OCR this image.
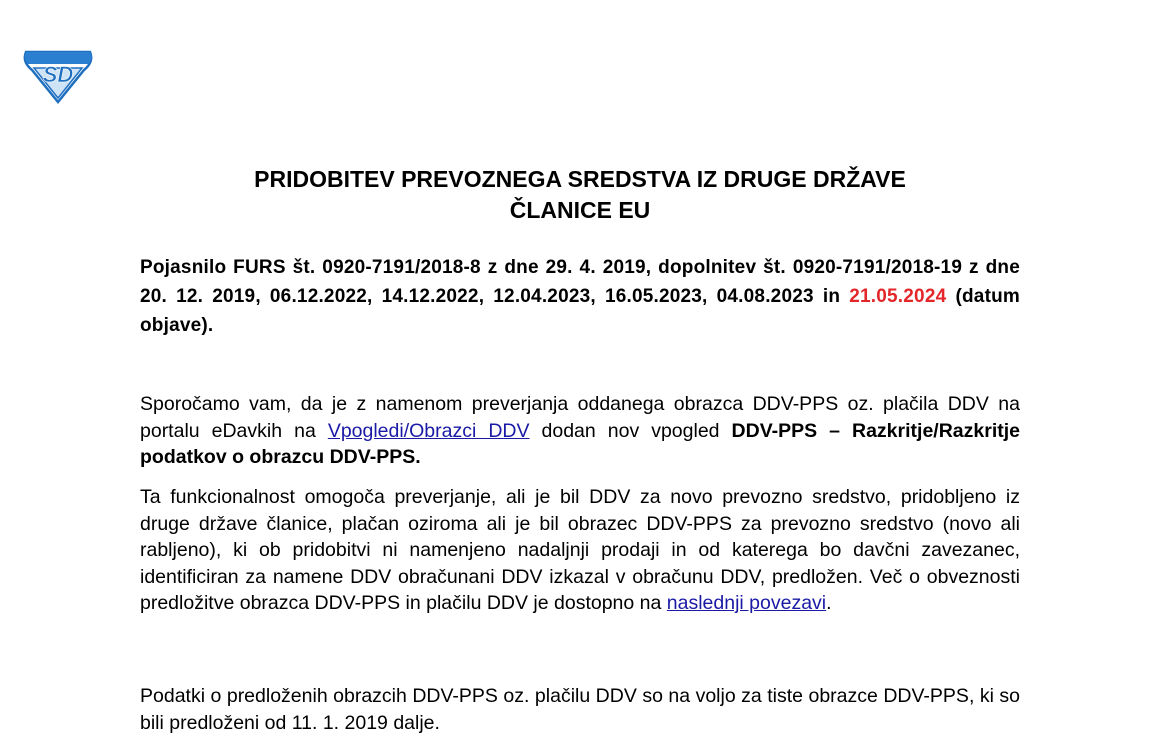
SD
PRIDOBITEV PREVOZNEGA SREDSTVA IZ DRUGE DRŽAVE
ČLANICE EU

Pojasnilo FURS št. 0920-7191/2018-8 z dne 29. 4. 2019, dopolnitev št. 0920-7191/2018-19 z dne 20. 12. 2019, 06.12.2022, 14.12.2022, 12.04.2023, 16.05.2023, 04.08.2023 in 21.05.2024 (datum objave).

Sporočamo vam, da je z namenom preverjanja oddanega obrazca DDV-PPS oz. plačila DDV na portalu eDavkih na Vpogledi/Obrazci DDV dodan nov vpogled DDV-PPS – Razkritje/Razkritje podatkov o obrazcu DDV-PPS.

Ta funkcionalnost omogoča preverjanje, ali je bil DDV za novo prevozno sredstvo, pridobljeno iz druge države članice, plačan oziroma ali je bil obrazec DDV-PPS za prevozno sredstvo (novo ali rabljeno), ki ob pridobitvi ni namenjeno nadaljnji prodaji in od katerega bo davčni zavezanec, identificiran za namene DDV obračunani DDV izkazal v obračunu DDV, predložen. Več o obveznosti predložitve obrazca DDV-PPS in plačilu DDV je dostopno na naslednji povezavi.

Podatki o predloženih obrazcih DDV-PPS oz. plačilu DDV so na voljo za tiste obrazce DDV-PPS, ki so bili predloženi od 11. 1. 2019 dalje.
